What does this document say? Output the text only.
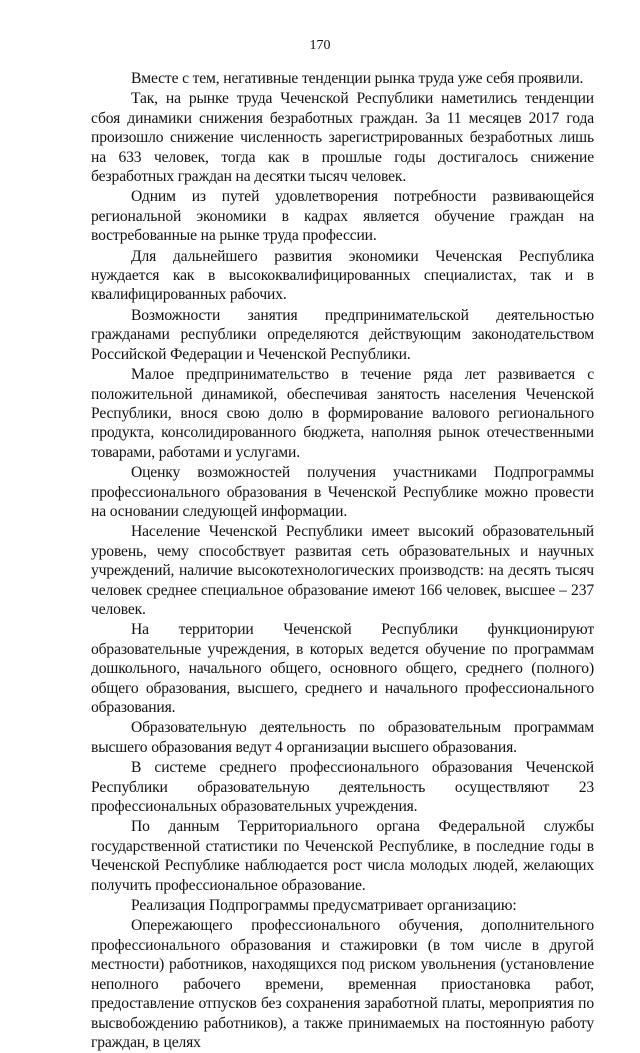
170

Вместе с тем, негативные тенденции рынка труда уже себя проявили.

Так, на рынке труда Чеченской Республики наметились тенденции сбоя динамики снижения безработных граждан. За 11 месяцев 2017 года произошло снижение численность зарегистрированных безработных лишь на 633 человек, тогда как в прошлые годы достигалось снижение безработных граждан на десятки тысяч человек.

Одним из путей удовлетворения потребности развивающейся региональной экономики в кадрах является обучение граждан на востребованные на рынке труда профессии.

Для дальнейшего развития экономики Чеченская Республика нуждается как в высококвалифицированных специалистах, так и в квалифицированных рабочих.

Возможности занятия предпринимательской деятельностью гражданами республики определяются действующим законодательством Российской Федерации и Чеченской Республики.

Малое предпринимательство в течение ряда лет развивается с положительной динамикой, обеспечивая занятость населения Чеченской Республики, внося свою долю в формирование валового регионального продукта, консолидированного бюджета, наполняя рынок отечественными товарами, работами и услугами.

Оценку возможностей получения участниками Подпрограммы профессионального образования в Чеченской Республике можно провести на основании следующей информации.

Население Чеченской Республики имеет высокий образовательный уровень, чему способствует развитая сеть образовательных и научных учреждений, наличие высокотехнологических производств: на десять тысяч человек среднее специальное образование имеют 166 человек, высшее – 237 человек.

На территории Чеченской Республики функционируют образовательные учреждения, в которых ведется обучение по программам дошкольного, начального общего, основного общего, среднего (полного) общего образования, высшего, среднего и начального профессионального образования.

Образовательную деятельность по образовательным программам высшего образования ведут 4 организации высшего образования.

В системе среднего профессионального образования Чеченской Республики образовательную деятельность осуществляют 23 профессиональных образовательных учреждения.

По данным Территориального органа Федеральной службы государственной статистики по Чеченской Республике, в последние годы в Чеченской Республике наблюдается рост числа молодых людей, желающих получить профессиональное образование.

Реализация Подпрограммы предусматривает организацию:

Опережающего профессионального обучения, дополнительного профессионального образования и стажировки (в том числе в другой местности) работников, находящихся под риском увольнения (установление неполного рабочего времени, временная приостановка работ, предоставление отпусков без сохранения заработной платы, мероприятия по высвобождению работников), а также принимаемых на постоянную работу граждан, в целях
